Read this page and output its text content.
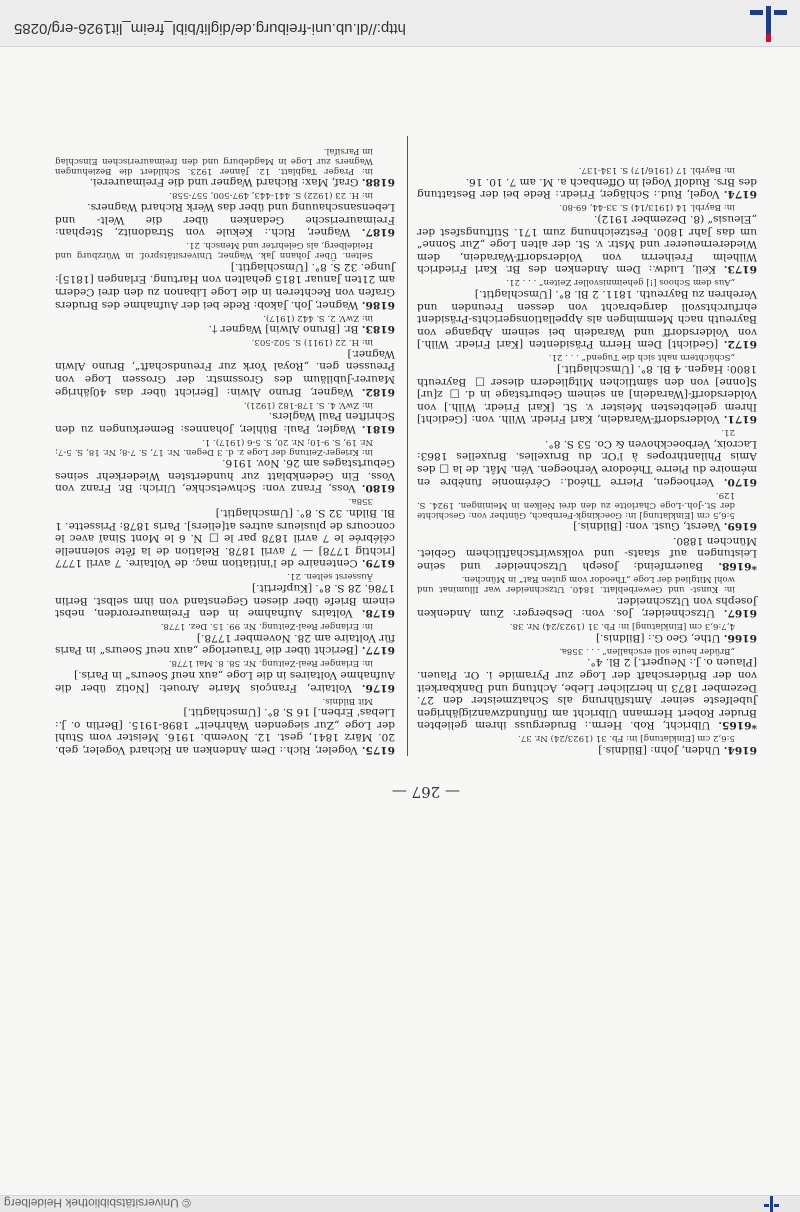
http://dl.ub.uni-freiburg.de/diglit/bibl_freim_lit1926-erg/0285
— 267 —
6164. Uhden, John: [Bildnis.]
5:6,2 cm [Einklatung] in: Fb. 31 (1923/24) Nr. 37.
*6165. Ulbricht, Rob. Herm.: Bruderguss ihrem geliebten Bruder Robert Hermann Ulbricht am fünfundzwanzigjährigen Jubelfeste seiner Amtsführung als Schatzmeister den 27. Dezember 1873 in herzlicher Liebe, Achtung und Dankbarkeit von der Brüderschaft der Loge zur Pyramide i. Or. Plauen. [Plauen o. J.: Neupert.] 2 Bl. 4°.
„Brüder heute soll erschallen“ . . . 358a.
6166. Uthe, Geo G.: [Bildnis.]
4,7:6,3 cm [Einklatung] in: Fb. 31 (1923/24) Nr. 38.
6167. Utzschneider, Jos. von: Desberger: Zum Andenken Josephs von Utzschneider.
in: Kunst- und Gewerbeblatt. 1840. Utzschneider war Illuminat und wohl Mitglied der Loge „Theodor vom guten Rat“ in München.
*6168. Bauernfeind: Joseph Utzschneider und seine Leistungen auf staats- und volkswirtschaftlichem Gebiet. München 1880.
6169. Vaerst, Gust. von: [Bildnis.]
5:6,5 cm [Einklatung] in: Goeckingk-Fernbach, Günther von: Geschichte der St.-Joh.-Loge Charlotte zu den drei Nelken in Meiningen. 1924. S. 129.
6170. Verhoegen, Pierre Théod.: Cérémonie funèbre en mémoire du Pierre Théodore Verhoegen. Vén. Mât. de la □ des Amis Philanthropes à l'Or. du Bruxelles. Bruxelles 1863: Lacroix, Verboeckhoven & Co. 53 S. 8°.
21.
6171. Voldersdorff-Waradein, Karl Friedr. Wilh. von: [Gedicht] Ihrem geliebtesten Meister v. St. [Karl Friedr. Wilh.] von Voldersdorff-[Waradein] an seinem Geburtstage in d. □ z[ur] S[onne] von den sämtlichen Mitgliedern dieser □ Bayreuth 1800: Hagen. 4 Bl. 8°. [Umschlagtit.]
„Schüchtern naht sich die Tugend“ . . . 21.
6172. [Gedicht] Dem Herrn Präsidenten [Karl Friedr. Wilh.] von Voldersdorff und Waradein bei seinem Abgange von Bayreuth nach Memmingen als Appellationsgerichts-Präsident ehrfurchtsvoll dargebracht von dessen Freunden und Verehren zu Bayreuth. 1811. 2 Bl. 8°. [Umschlagtit.]
„Aus dem Schoos [!] geheimnisvoller Zeiten“ . . . 21.
6173. Keil, Ludw.: Dem Andenken des Br. Karl Friedrich Wilhelm Freiherrn von Voldersdorff-Waradein, dem Wiedererneuerer und Mstr. v. St. der alten Loge „Zur Sonne“ um das Jahr 1800. Festzeichnung zum 171. Stiftungsfest der „Eleusis“ (8. Dezember 1912).
in: Bayrbl. 14 (1913/14) S. 33-44, 69-80.
6174. Vogel, Rud.: Schläger, Friedr.: Rede bei der Bestattung des Brs. Rudolf Vogel in Offenbach a. M. am 7. 10. 16.
in: Bayrbl. 17 (1916/17) S. 134-137.
6175. Vogeler, Rich.: Dem Andenken an Richard Vogeler, geb. 20. März 1841, gest. 12. Novemb. 1916. Meister vom Stuhl der Loge „Zur siegenden Wahrheit“ 1898-1915. [Berlin o. J.: Liebas' Erben.] 16 S. 8°. [Umschlagtit.]
Mit Bildnis.
6176. Voltaire, François Marie Arouet: [Notiz über die Aufnahme Voltaires in die Loge „aux neuf Soeurs“ in Paris.]
in: Erlanger Real-Zeitung. Nr. 58. 8. Mai 1778.
6177. [Bericht über die Trauerloge „aux neuf Soeurs“ in Paris für Voltaire am 28. November 1778.]
in: Erlanger Real-Zeitung. Nr. 99. 15. Dez. 1778.
6178. Voltairs Aufnahme in den Freimaurerorden, nebst einem Briefe über diesen Gegenstand von ihm selbst. Berlin 1786. 28 S. 8°. [Kupfertit.]
Äusserst selten. 21.
6179. Centenaire de l'initiation maç. de Voltaire. 7 avril 1777 [richtig 1778] — 7 avril 1878. Relation de la fête solennelle célébrée le 7 avril 1878 par le □ N. 6 le Mont Sinaï avec le concours de plusieurs autres at[eliers]. Paris 1878: Prissette. 1 Bl. Bildn. 32 S. 8°. [Umschlagtit.]
358a.
6180. Voss, Franz von: Schwetschke, Ulrich: Br. Franz von Voss. Ein Gedenkblatt zur hundertsten Wiederkehr seines Geburtstages am 26. Nov. 1916.
in: Krieger-Zeitung der Loge z. d. 3 Degen. Nr. 17, S. 7-8; Nr. 18, S. 5-7; Nr. 19, S. 9-10; Nr. 20, S. 5-6 (1917). 1.
6181. Wagler, Paul: Bühler, Johannes: Bemerkungen zu den Schriften Paul Waglers.
in: ZwV. 4. S. 178-182 (1921).
6182. Wagner, Bruno Alwin: [Bericht über das 40jährige Maurer-Jubiläum des Grossmstr. der Grossen Loge von Preussen gen. „Royal York zur Freundschaft“, Bruno Alwin Wagner.]
in: H. 22 (1911) S. 502-503.
6183. Br. [Bruno Alwin] Wagner †.
in: ZwV. 2. S. 442 (1917).
6186. Wagner, Joh. Jakob: Rede bei der Aufnahme des Bruders Grafen von Rechteren in die Loge Libanon zu den drei Cedern am 21ten Januar 1815 gehalten von Hartung. Erlangen [1815]: Junge. 32 S. 8°. [Umschlagtit.]
Selten. Über Johann Jak. Wagner, Universitätsprof. in Würzburg und Heidelberg, als Gelehrter und Mensch. 21.
6187. Wagner, Rich.: Kekule von Stradonitz, Stephan: Freimaurerische Gedanken über die Welt- und Lebensanschauung und über das Werk Richard Wagners.
in: H. 23 (1922) S. 441-443, 497-500, 557-558.
6188. Graf, Max: Richard Wagner und die Freimaurerei.
in: Prager Tagblatt. 12. Jänner 1923. Schildert die Beziehungen Wagners zur Loge in Magdeburg und den freimaurerischen Einschlag im Parsifal.
© Universitätsbibliothek Heidelberg
